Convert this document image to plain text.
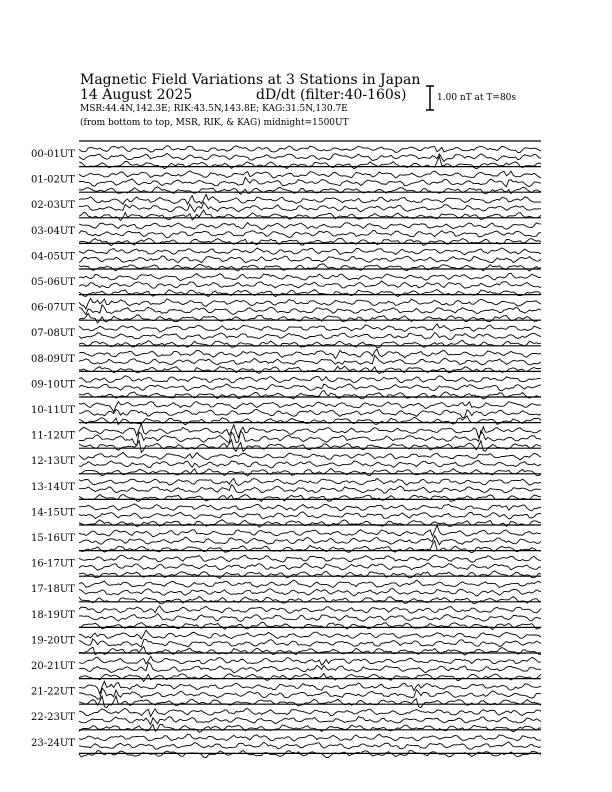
Magnetic Field Variations at 3 Stations in Japan
14 August 2025	dD/dt (filter:40-160s)
MSR:44.4N,142.3E; RIK:43.5N,143.8E; KAG:31.5N,130.7E
(from bottom to top, MSR, RIK, & KAG) midnight=1500UT
1.00 nT at T=80s
00-01UT
01-02UT
02-03UT
03-04UT
04-05UT
05-06UT
06-07UT
07-08UT
08-09UT
09-10UT
10-11UT
11-12UT
12-13UT
13-14UT
14-15UT
15-16UT
16-17UT
17-18UT
18-19UT
19-20UT
20-21UT
21-22UT
22-23UT
23-24UT
